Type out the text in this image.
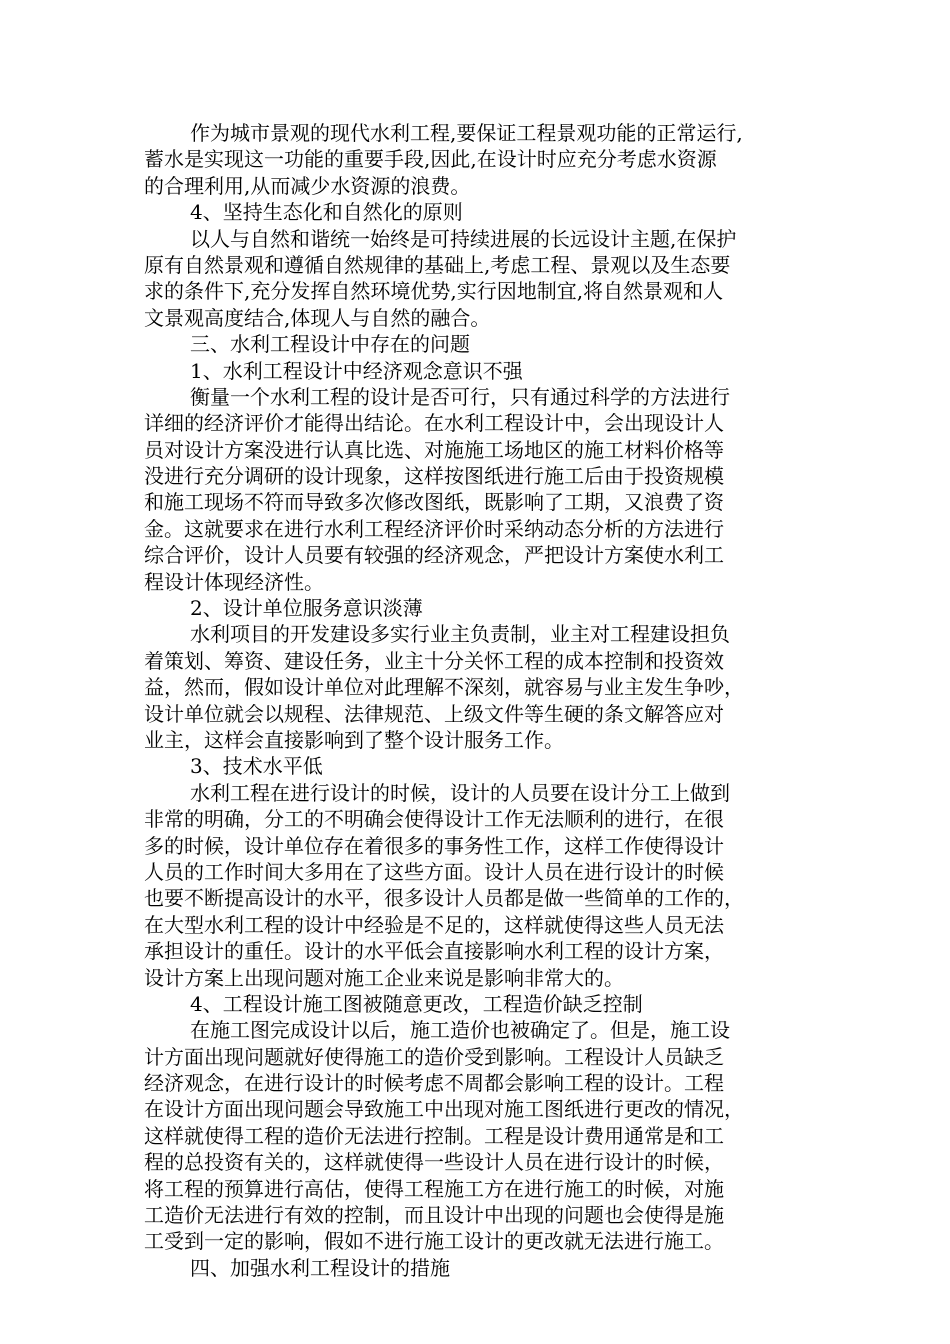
作为城市景观的现代水利工程,要保证工程景观功能的正常运行,
蓄水是实现这一功能的重要手段,因此,在设计时应充分考虑水资源
的合理利用,从而减少水资源的浪费。
4、坚持生态化和自然化的原则
以人与自然和谐统一始终是可持续进展的长远设计主题,在保护
原有自然景观和遵循自然规律的基础上,考虑工程、景观以及生态要
求的条件下,充分发挥自然环境优势,实行因地制宜,将自然景观和人
文景观高度结合,体现人与自然的融合。
三、水利工程设计中存在的问题
1、水利工程设计中经济观念意识不强
衡量一个水利工程的设计是否可行，只有通过科学的方法进行
详细的经济评价才能得出结论。在水利工程设计中，会出现设计人
员对设计方案没进行认真比选、对施施工场地区的施工材料价格等
没进行充分调研的设计现象，这样按图纸进行施工后由于投资规模
和施工现场不符而导致多次修改图纸，既影响了工期，又浪费了资
金。这就要求在进行水利工程经济评价时采纳动态分析的方法进行
综合评价，设计人员要有较强的经济观念，严把设计方案使水利工
程设计体现经济性。
2、设计单位服务意识淡薄
水利项目的开发建设多实行业主负责制，业主对工程建设担负
着策划、筹资、建设任务，业主十分关怀工程的成本控制和投资效
益，然而，假如设计单位对此理解不深刻，就容易与业主发生争吵，
设计单位就会以规程、法律规范、上级文件等生硬的条文解答应对
业主，这样会直接影响到了整个设计服务工作。
3、技术水平低
水利工程在进行设计的时候，设计的人员要在设计分工上做到
非常的明确，分工的不明确会使得设计工作无法顺利的进行，在很
多的时候，设计单位存在着很多的事务性工作，这样工作使得设计
人员的工作时间大多用在了这些方面。设计人员在进行设计的时候
也要不断提高设计的水平，很多设计人员都是做一些简单的工作的，
在大型水利工程的设计中经验是不足的，这样就使得这些人员无法
承担设计的重任。设计的水平低会直接影响水利工程的设计方案，
设计方案上出现问题对施工企业来说是影响非常大的。
4、工程设计施工图被随意更改，工程造价缺乏控制
在施工图完成设计以后，施工造价也被确定了。但是，施工设
计方面出现问题就好使得施工的造价受到影响。工程设计人员缺乏
经济观念，在进行设计的时候考虑不周都会影响工程的设计。工程
在设计方面出现问题会导致施工中出现对施工图纸进行更改的情况，
这样就使得工程的造价无法进行控制。工程是设计费用通常是和工
程的总投资有关的，这样就使得一些设计人员在进行设计的时候，
将工程的预算进行高估，使得工程施工方在进行施工的时候，对施
工造价无法进行有效的控制，而且设计中出现的问题也会使得是施
工受到一定的影响，假如不进行施工设计的更改就无法进行施工。
四、加强水利工程设计的措施
